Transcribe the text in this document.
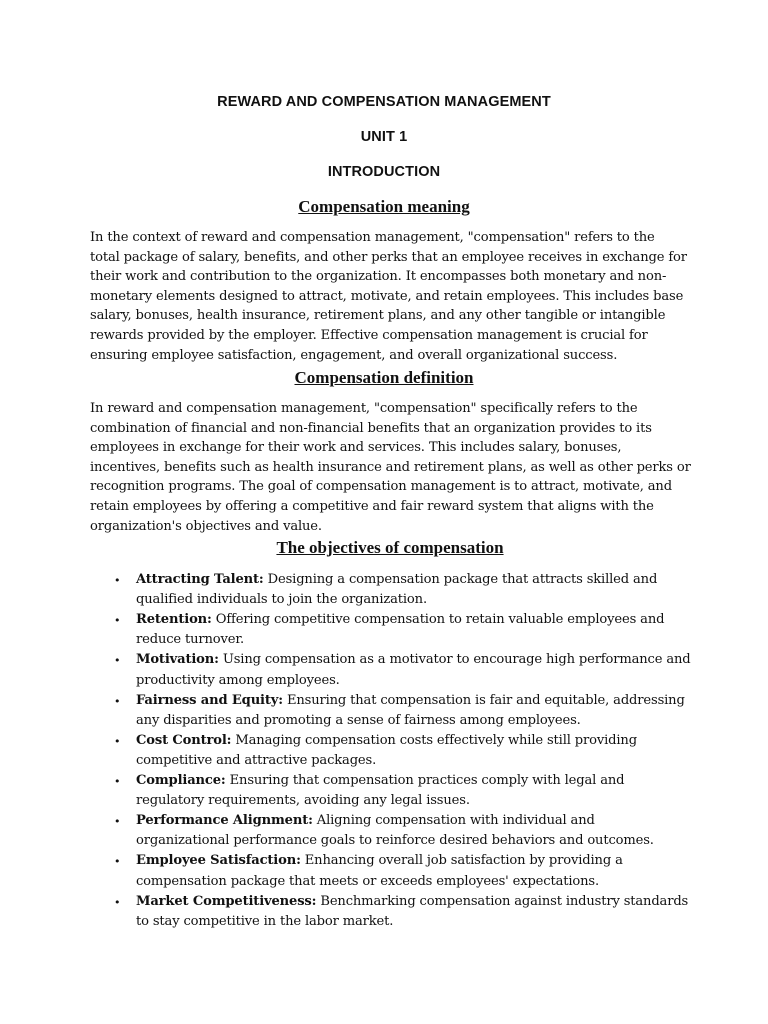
REWARD AND COMPENSATION MANAGEMENT
UNIT 1
INTRODUCTION
Compensation meaning

In the context of reward and compensation management, "compensation" refers to the
total package of salary, benefits, and other perks that an employee receives in exchange for
their work and contribution to the organization. It encompasses both monetary and non-
monetary elements designed to attract, motivate, and retain employees. This includes base
salary, bonuses, health insurance, retirement plans, and any other tangible or intangible
rewards provided by the employer. Effective compensation management is crucial for
ensuring employee satisfaction, engagement, and overall organizational success.

Compensation definition

In reward and compensation management, "compensation" specifically refers to the
combination of financial and non-financial benefits that an organization provides to its
employees in exchange for their work and services. This includes salary, bonuses,
incentives, benefits such as health insurance and retirement plans, as well as other perks or
recognition programs. The goal of compensation management is to attract, motivate, and
retain employees by offering a competitive and fair reward system that aligns with the
organization's objectives and value.

The objectives of compensation
• Attracting Talent: Designing a compensation package that attracts skilled and
qualified individuals to join the organization.
• Retention: Offering competitive compensation to retain valuable employees and
reduce turnover.
• Motivation: Using compensation as a motivator to encourage high performance and
productivity among employees.
• Fairness and Equity: Ensuring that compensation is fair and equitable, addressing
any disparities and promoting a sense of fairness among employees.
• Cost Control: Managing compensation costs effectively while still providing
competitive and attractive packages.
• Compliance: Ensuring that compensation practices comply with legal and
regulatory requirements, avoiding any legal issues.
• Performance Alignment: Aligning compensation with individual and
organizational performance goals to reinforce desired behaviors and outcomes.
• Employee Satisfaction: Enhancing overall job satisfaction by providing a
compensation package that meets or exceeds employees' expectations.
• Market Competitiveness: Benchmarking compensation against industry standards
to stay competitive in the labor market.
